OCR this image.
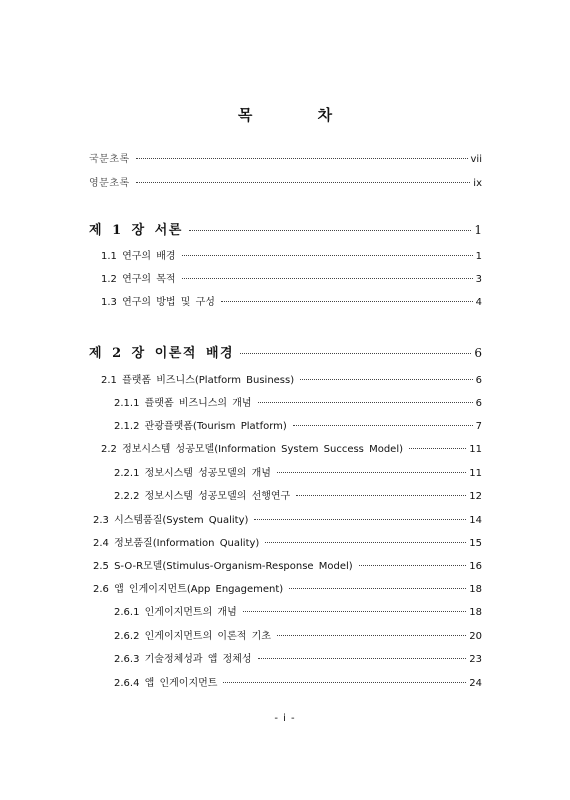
목 차
국문초록	vii
영문초록	ix
제 1 장 서론	1
1.1 연구의 배경	1
1.2 연구의 목적	3
1.3 연구의 방법 및 구성	4
제 2 장 이론적 배경	6
2.1 플랫폼 비즈니스(Platform Business)	6
2.1.1 플랫폼 비즈니스의 개념	6
2.1.2 관광플랫폼(Tourism Platform)	7
2.2 정보시스템 성공모델(Information System Success Model)	11
2.2.1 정보시스템 성공모델의 개념	11
2.2.2 정보시스템 성공모델의 선행연구	12
2.3 시스템품질(System Quality)	14
2.4 정보품질(Information Quality)	15
2.5 S-O-R모델(Stimulus-Organism-Response Model)	16
2.6 앱 인게이지먼트(App Engagement)	18
2.6.1 인게이지먼트의 개념	18
2.6.2 인게이지먼트의 이론적 기초	20
2.6.3 기술정체성과 앱 정체성	23
2.6.4 앱 인게이지먼트	24
- i -
